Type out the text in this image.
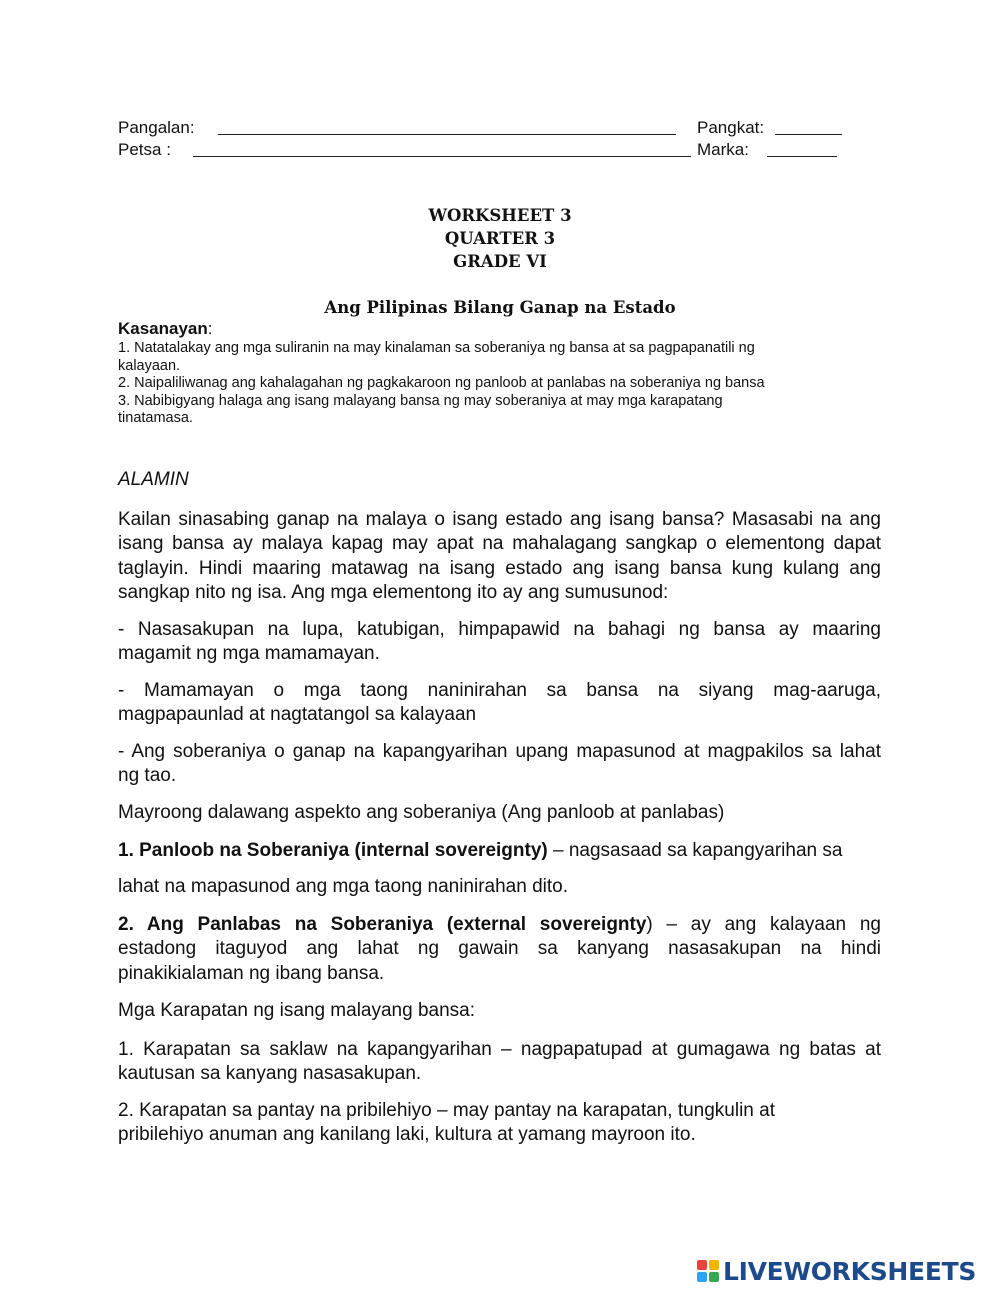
Pangalan:	Pangkat:
Petsa :	Marka:
WORKSHEET 3
QUARTER 3
GRADE VI
Ang Pilipinas Bilang Ganap na Estado
Kasanayan:
1. Natatalakay ang mga suliranin na may kinalaman sa soberaniya ng bansa at sa pagpapanatili ng
kalayaan.
2. Naipaliliwanag ang kahalagahan ng pagkakaroon ng panloob at panlabas na soberaniya ng bansa
3. Nabibigyang halaga ang isang malayang bansa ng may soberaniya at may mga karapatang
tinatamasa.
ALAMIN
Kailan sinasabing ganap na malaya o isang estado ang isang bansa? Masasabi na ang
isang bansa ay malaya kapag may apat na mahalagang sangkap o elementong dapat
taglayin. Hindi maaring matawag na isang estado ang isang bansa kung kulang ang
sangkap nito ng isa. Ang mga elementong ito ay ang sumusunod:
- Nasasakupan na lupa, katubigan, himpapawid na bahagi ng bansa ay maaring
magamit ng mga mamamayan.
- Mamamayan o mga taong naninirahan sa bansa na siyang mag-aaruga,
magpapaunlad at nagtatangol sa kalayaan
- Ang soberaniya o ganap na kapangyarihan upang mapasunod at magpakilos sa lahat
ng tao.
Mayroong dalawang aspekto ang soberaniya (Ang panloob at panlabas)
1. Panloob na Soberaniya (internal sovereignty) – nagsasaad sa kapangyarihan sa
lahat na mapasunod ang mga taong naninirahan dito.
2. Ang Panlabas na Soberaniya (external sovereignty) – ay ang kalayaan ng
estadong itaguyod ang lahat ng gawain sa kanyang nasasakupan na hindi
pinakikialaman ng ibang bansa.
Mga Karapatan ng isang malayang bansa:
1. Karapatan sa saklaw na kapangyarihan – nagpapatupad at gumagawa ng batas at
kautusan sa kanyang nasasakupan.
2. Karapatan sa pantay na pribilehiyo – may pantay na karapatan, tungkulin at
pribilehiyo anuman ang kanilang laki, kultura at yamang mayroon ito.
LIVEWORKSHEETS
